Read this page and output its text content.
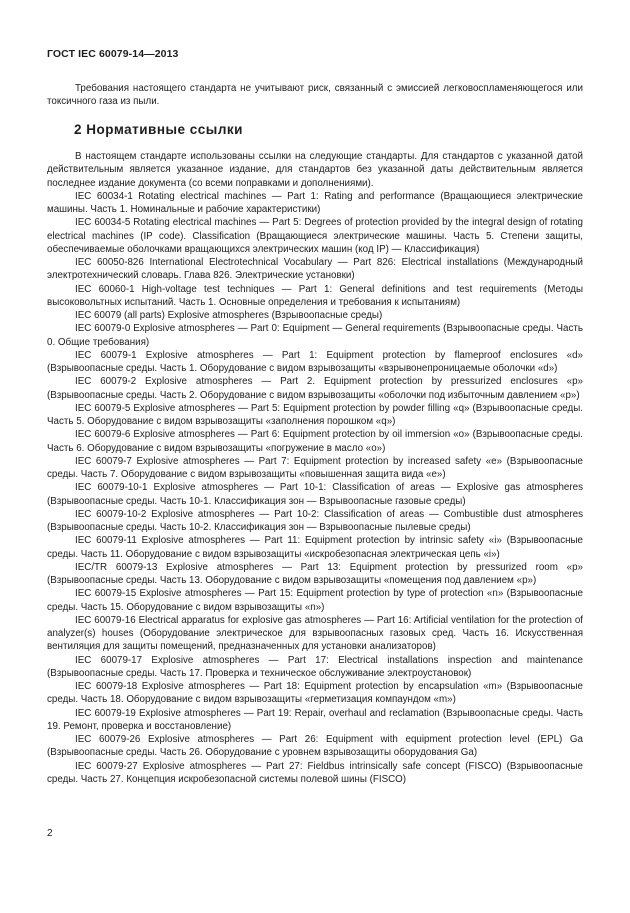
ГОСТ IEC 60079-14—2013

Требования настоящего стандарта не учитывают риск, связанный с эмиссией легковоспламеняющегося или токсичного газа из пыли.

2 Нормативные ссылки

В настоящем стандарте использованы ссылки на следующие стандарты. Для стандартов с указанной датой действительным является указанное издание, для стандартов без указанной даты действительным является последнее издание документа (со всеми поправками и дополнениями).

IEC 60034-1 Rotating electrical machines — Part 1: Rating and performance (Вращающиеся электрические машины. Часть 1. Номинальные и рабочие характеристики)

IEC 60034-5 Rotating electrical machines — Part 5: Degrees of protection provided by the integral design of rotating electrical machines (IP code). Classification (Вращающиеся электрические машины. Часть 5. Степени защиты, обеспечиваемые оболочками вращающихся электрических машин (код IP) — Классификация)

IEC 60050-826 International Electrotechnical Vocabulary — Part 826: Electrical installations (Международный электротехнический словарь. Глава 826. Электрические установки)

IEC 60060-1 High-voltage test techniques — Part 1: General definitions and test requirements (Методы высоковольтных испытаний. Часть 1. Основные определения и требования к испытаниям)

IEC 60079 (all parts) Explosive atmospheres (Взрывоопасные среды)

IEC 60079-0 Explosive atmospheres — Part 0: Equipment — General requirements (Взрывоопасные среды. Часть 0. Общие требования)

IEC 60079-1 Explosive atmospheres — Part 1: Equipment protection by flameproof enclosures «d» (Взрывоопасные среды. Часть 1. Оборудование с видом взрывозащиты «взрывонепроницаемые оболочки «d»)

IEC 60079-2 Explosive atmospheres — Part 2. Equipment protection by pressurized enclosures «p» (Взрывоопасные среды. Часть 2. Оборудование с видом взрывозащиты «оболочки под избыточным давлением «p»)

IEC 60079-5 Explosive atmospheres — Part 5: Equipment protection by powder filling «q» (Взрывоопасные среды. Часть 5. Оборудование с видом взрывозащиты «заполнения порошком «q»)

IEC 60079-6 Explosive atmospheres — Part 6: Equipment protection by oil immersion «o» (Взрывоопасные среды. Часть 6. Оборудование с видом взрывозащиты «погружение в масло «o»)

IEC 60079-7 Explosive atmospheres — Part 7: Equipment protection by increased safety «e» (Взрывоопасные среды. Часть 7. Оборудование с видом взрывозащиты «повышенная защита вида «e»)

IEC 60079-10-1 Explosive atmospheres — Part 10-1: Classification of areas — Explosive gas atmospheres (Взрывоопасные среды. Часть 10-1. Классификация зон — Взрывоопасные газовые среды)

IEC 60079-10-2 Explosive atmospheres — Part 10-2: Classification of areas — Combustible dust atmospheres (Взрывоопасные среды. Часть 10-2. Классификация зон — Взрывоопасные пылевые среды)

IEC 60079-11 Explosive atmospheres — Part 11: Equipment protection by intrinsic safety «i» (Взрывоопасные среды. Часть 11. Оборудование с видом взрывозащиты «искробезопасная электрическая цепь «i»)

IEC/TR 60079-13 Explosive atmospheres — Part 13: Equipment protection by pressurized room «p» (Взрывоопасные среды. Часть 13. Оборудование с видом взрывозащиты «помещения под давлением «p»)

IEC 60079-15 Explosive atmospheres — Part 15: Equipment protection by type of protection «n» (Взрывоопасные среды. Часть 15. Оборудование с видом взрывозащиты «n»)

IEC 60079-16 Electrical apparatus for explosive gas atmospheres — Part 16: Artificial ventilation for the protection of analyzer(s) houses (Оборудование электрическое для взрывоопасных газовых сред. Часть 16. Искусственная вентиляция для защиты помещений, предназначенных для установки анализаторов)

IEC 60079-17 Explosive atmospheres — Part 17: Electrical installations inspection and maintenance (Взрывоопасные среды. Часть 17. Проверка и техническое обслуживание электроустановок)

IEC 60079-18 Explosive atmospheres — Part 18: Equipment protection by encapsulation «m» (Взрывоопасные среды. Часть 18. Оборудование с видом взрывозащиты «герметизация компаундом «m»)

IEC 60079-19 Explosive atmospheres — Part 19: Repair, overhaul and reclamation (Взрывоопасные среды. Часть 19. Ремонт, проверка и восстановление)

IEC 60079-26 Explosive atmospheres — Part 26: Equipment with equipment protection level (EPL) Ga (Взрывоопасные среды. Часть 26. Оборудование с уровнем взрывозащиты оборудования Ga)

IEC 60079-27 Explosive atmospheres — Part 27: Fieldbus intrinsically safe concept (FISCO) (Взрывоопасные среды. Часть 27. Концепция искробезопасной системы полевой шины (FISCO)

2
